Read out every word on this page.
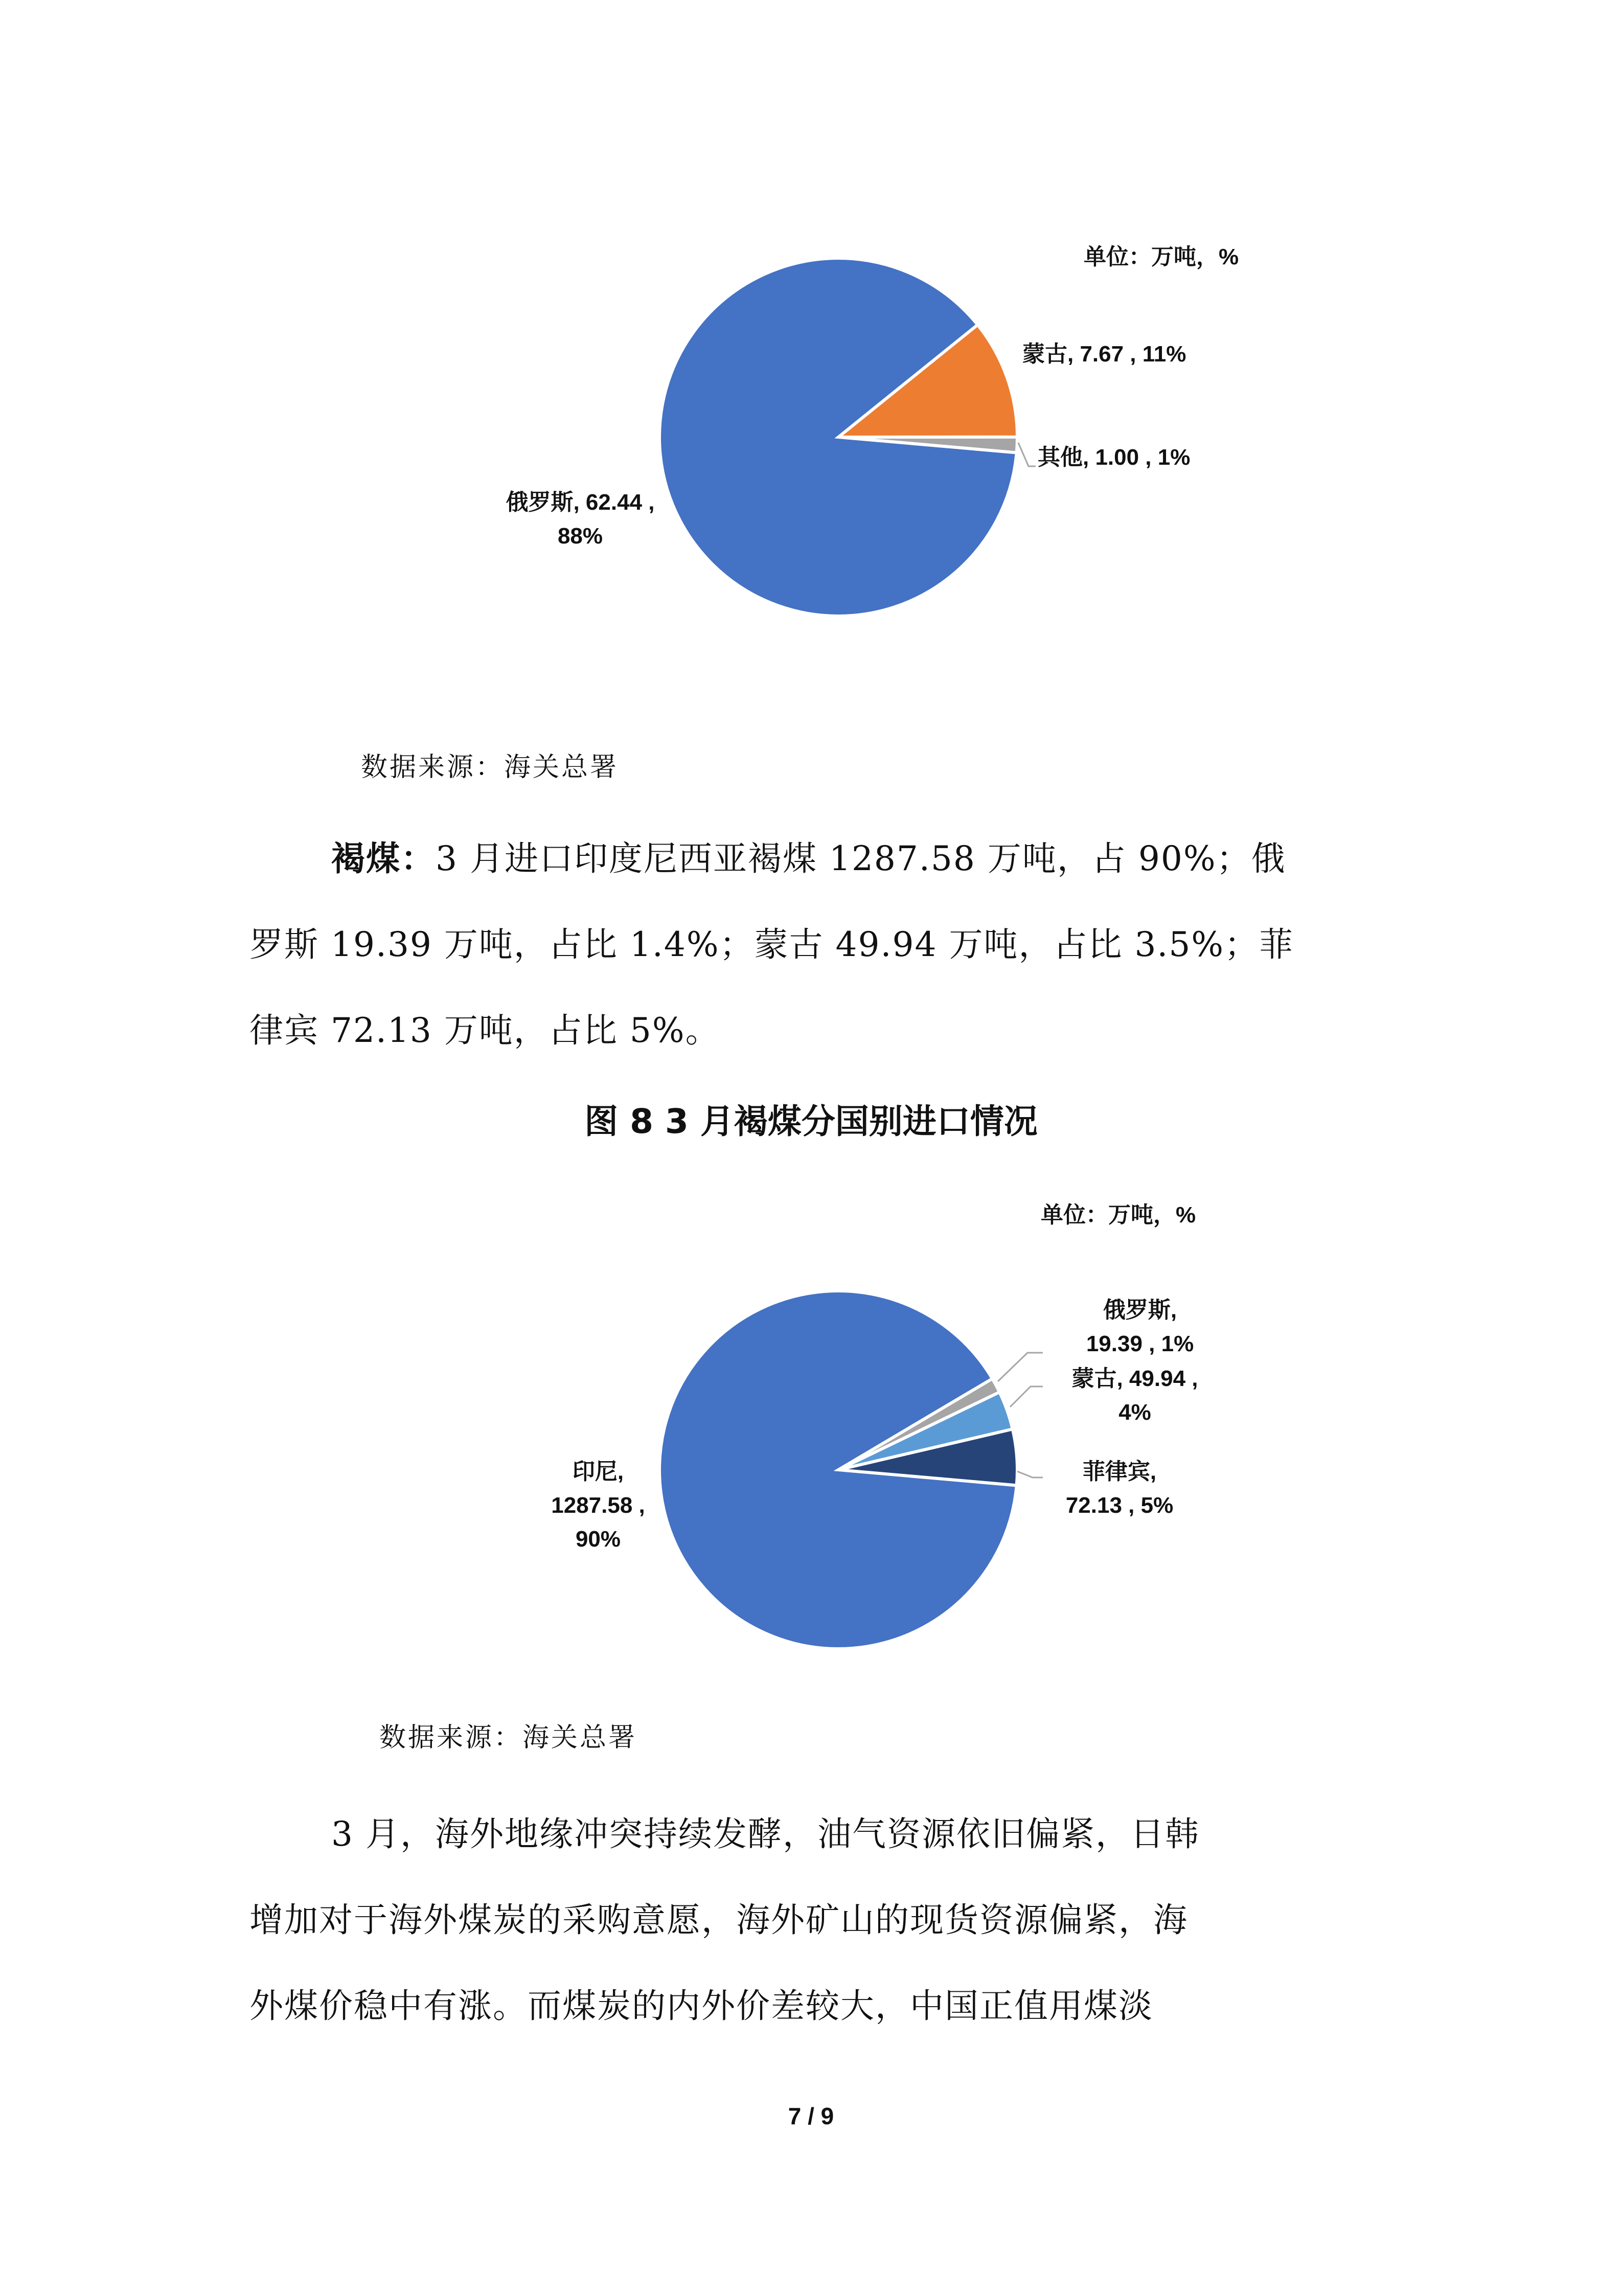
单位：万吨，%
俄罗斯, 62.44 ,
88%
蒙古, 7.67 , 11%
其他, 1.00 , 1%
数据来源：海关总署
褐煤：3 月进口印度尼西亚褐煤 1287.58 万吨，占 90%；俄
罗斯 19.39 万吨，占比 1.4%；蒙古 49.94 万吨，占比 3.5%；菲
律宾 72.13 万吨，占比 5%。
图 8 3 月褐煤分国别进口情况
单位：万吨，%
印尼,
1287.58 ,
90%
俄罗斯,
19.39 , 1%
蒙古, 49.94 ,
4%
菲律宾,
72.13 , 5%
数据来源：海关总署
3 月，海外地缘冲突持续发酵，油气资源依旧偏紧，日韩
增加对于海外煤炭的采购意愿，海外矿山的现货资源偏紧，海
外煤价稳中有涨。而煤炭的内外价差较大，中国正值用煤淡
7 / 9
